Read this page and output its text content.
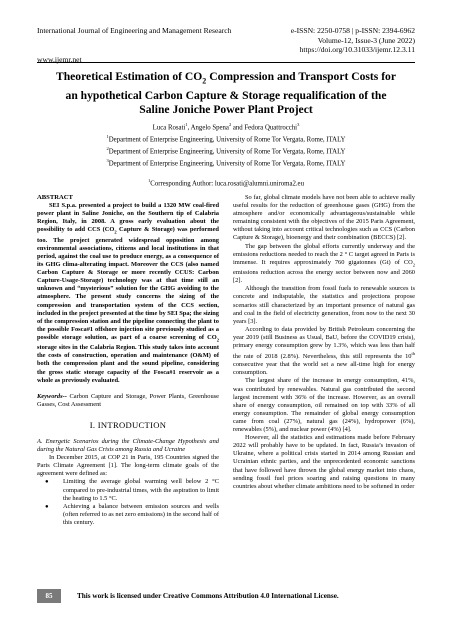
International Journal of Engineering and Management Research
www.ijemr.net
e-ISSN: 2250-0758 | p-ISSN: 2394-6962
Volume-12, Issue-3 (June 2022)
https://doi.org/10.31033/ijemr.12.3.11
Theoretical Estimation of $CO_2$ Compression and Transport Costs for an hypothetical Carbon Capture & Storage requalification of the Saline Joniche Power Plant Project
Luca Rosati$^1$, Angelo Spena$^2$ and Fedora Quattrocchi$^3$
$^1$Department of Enterprise Engineering, University of Rome Tor Vergata, Rome, ITALY
$^2$Department of Enterprise Engineering, University of Rome Tor Vergata, Rome, ITALY
$^3$Department of Enterprise Engineering, University of Rome Tor Vergata, Rome, ITALY
$^1$Corresponding Author: luca.rosati@alumni.uniroma2.eu

ABSTRACT

SEI S.p.a. presented a project to build a 1320 MW coal-fired power plant in Saline Joniche, on the Southern tip of Calabria Region, Italy, in 2008. A gross early evaluation about the possibility to add CCS ($CO_2$ Capture & Storage) was performed too. The project generated widespread opposition among environmental associations, citizens and local institutions in that period, against the coal use to produce energy, as a consequence of its GHG clima-alterating impact. Moreover the CCS (also named Carbon Capture & Storage or more recently CCUS: Carbon Capture-Usage-Storage) technology was at that time still an unknown and “mysterious” solution for the GHG avoiding to the atmosphere. The present study concerns the sizing of the compression and transportation system of the CCS section, included in the project presented at the time by SEI Spa; the sizing of the compression station and the pipeline connecting the plant to the possible Fosca#1 offshore injection site previously studied as a possible storage solution, as part of a coarse screening of $CO_2$ storage sites in the Calabria Region. This study takes into account the costs of construction, operation and maintenance (O&M) of both the compression plant and the sound pipeline, considering the gross static storage capacity of the Fosca#1 reservoir as a whole as previously evaluated.

Keywords-- Carbon Capture and Storage, Power Plants, Greenhouse Gasses, Cost Assessment

I. INTRODUCTION

A. Energetic Scenarios during the Climate-Change Hypothesis and during the Natural Gas Crisis among Russia and Ucraine

In December 2015, at COP 21 in Paris, 195 Countries signed the Paris Climate Agreement [1]. The long-term climate goals of the agreement were defined as:

● Limiting the average global warming well below 2 °C compared to pre-industrial times, with the aspiration to limit the heating to 1.5 °C.
● Achieving a balance between emission sources and wells (often referred to as net zero emissions) in the second half of this century.

So far, global climate models have not been able to achieve really useful results for the reduction of greenhouse gases (GHG) from the atmosphere and/or economically advantageous/sustainable while remaining consistent with the objectives of the 2015 Paris Agreement, without taking into account critical technologies such as CCS (Carbon Capture & Storage), bioenergy and their combination (BECCS) [2].

The gap between the global efforts currently underway and the emissions reductions needed to reach the 2 ° C target agreed in Paris is immense. It requires approximately 760 gigatonnes (Gt) of $CO_2$ emissions reduction across the energy sector between now and 2060 [2].

Although the transition from fossil fuels to renewable sources is concrete and indisputable, the statistics and projections propose scenarios still characterized by an important presence of natural gas and coal in the field of electricity generation, from now to the next 30 years [3].

According to data provided by British Petroleum concerning the year 2019 (still Business as Usual, BaU, before the COVID19 crisis), primary energy consumption grew by 1.3%, which was less than half the rate of 2018 (2.8%). Nevertheless, this still represents the 10th consecutive year that the world set a new all-time high for energy consumption.

The largest share of the increase in energy consumption, 41%, was contributed by renewables. Natural gas contributed the second largest increment with 36% of the increase. However, as an overall share of energy consumption, oil remained on top with 33% of all energy consumption. The remainder of global energy consumption came from coal (27%), natural gas (24%), hydropower (6%), renewables (5%), and nuclear power (4%) [4].

However, all the statistics and estimations made before February 2022 will probably have to be updated. In fact, Russia’s invasion of Ukraine, where a political crisis started in 2014 among Russian and Ucrainian ethnic parties, and the unprecedented economic sanctions that have followed have thrown the global energy market into chaos, sending fossil fuel prices soaring and raising questions in many countries about whether climate ambitions need to be softened in order

85	This work is licensed under Creative Commons Attribution 4.0 International License.
